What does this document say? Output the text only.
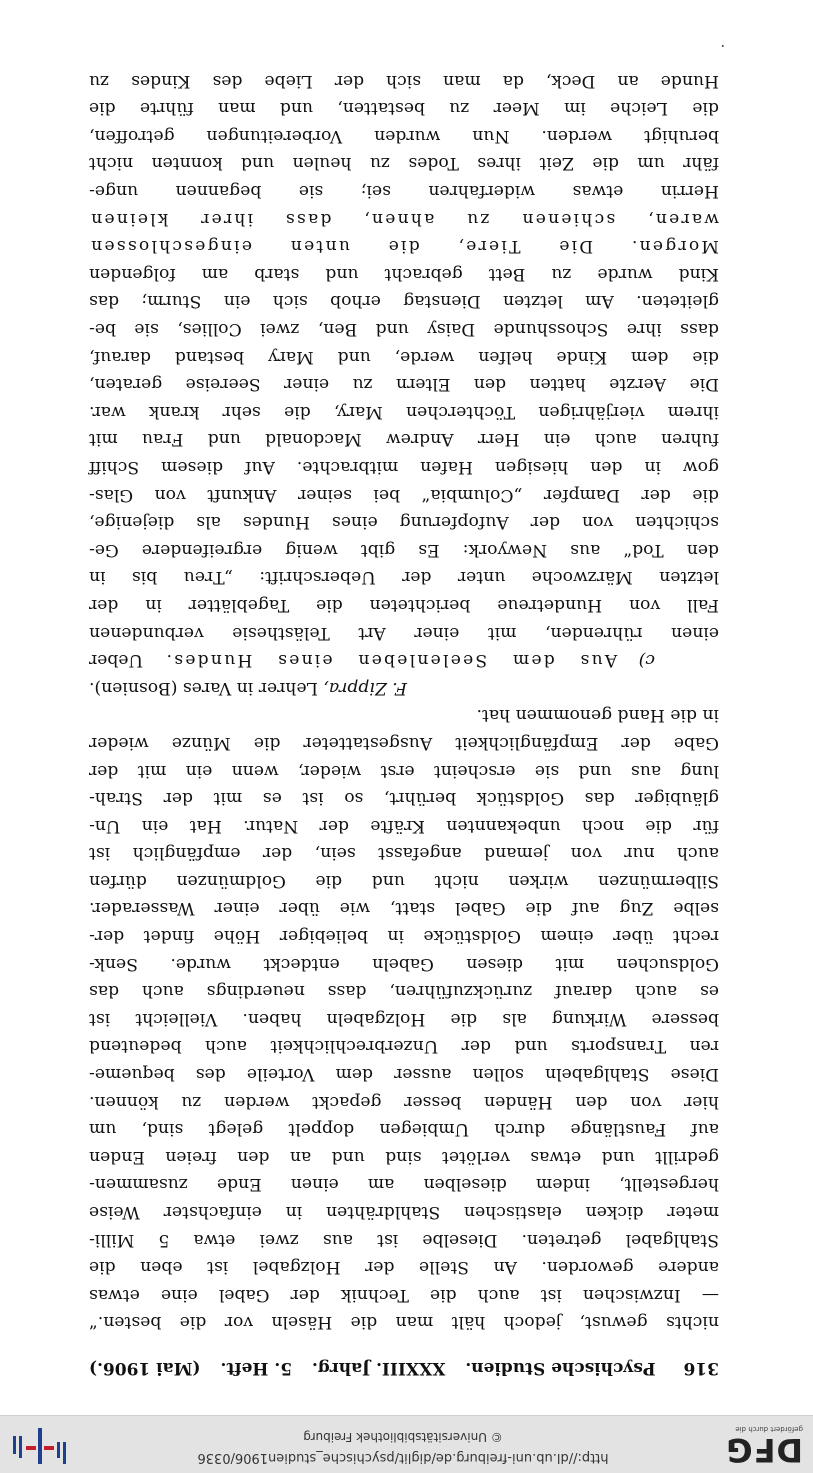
DFG
gefördert durch die
http://dl.ub.uni-freiburg.de/diglit/psychische_studien1906/0336
© Universitätsbibliothek Freiburg
316
Psychische Studien.
XXXIII. Jahrg.
5. Heft.
(Mai 1906.)

nichts gewust, jedoch hält man die Häseln vor die besten.“
— Inzwischen ist auch die Technik der Gabel eine etwas
andere geworden. An Stelle der Holzgabel ist eben die
Stahlgabel getreten. Dieselbe ist aus zwei etwa 5 Milli-
meter dicken elastischen Stahldrähten in einfachster Weise
hergestellt, indem dieselben am einen Ende zusammen-
gedrillt und etwas verlötet sind und an den freien Enden
auf Faustlänge durch Umbiegen doppelt gelegt sind, um
hier von den Händen besser gepackt werden zu können.
Diese Stahlgabeln sollen ausser dem Vorteile des bequeme-
ren Transports und der Unzerbrechlichkeit auch bedeutend
bessere Wirkung als die Holzgabeln haben. Vielleicht ist
es auch darauf zurückzuführen, dass neuerdings auch das
Goldsuchen mit diesen Gabeln entdeckt wurde. Senk-
recht über einem Goldstücke in beliebiger Höhe findet der-
selbe Zug auf die Gabel statt, wie über einer Wasserader.
Silbermünzen wirken nicht und die Goldmünzen dürfen
auch nur von jemand angefasst sein, der empfänglich ist
für die noch unbekannten Kräfte der Natur. Hat ein Un-
gläubiger das Goldstück berührt, so ist es mit der Strah-
lung aus und sie erscheint erst wieder, wenn ein mit der
Gabe der Empfänglichkeit Ausgestatteter die Münze wieder
in die Hand genommen hat.

F. Zippra, Lehrer in Vares (Bosnien).

c) Aus dem Seelenleben eines Hundes. Ueber
einen rührenden, mit einer Art Telästhesie verbundenen
Fall von Hundetreue berichteten die Tageblätter in der
letzten Märzwoche unter der Ueberschrift: „Treu bis in
den Tod“ aus Newyork: Es gibt wenig ergreifendere Ge-
schichten von der Aufopferung eines Hundes als diejenige,
die der Dampfer „Columbia“ bei seiner Ankunft von Glas-
gow in den hiesigen Hafen mitbrachte. Auf diesem Schiff
fuhren auch ein Herr Andrew Macdonald und Frau mit
ihrem vierjährigen Töchterchen Mary, die sehr krank war.
Die Aerzte hatten den Eltern zu einer Seereise geraten,
die dem Kinde helfen werde, und Mary bestand darauf,
dass ihre Schosshunde Daisy und Ben, zwei Collies, sie be-
gleiteten. Am letzten Dienstag erhob sich ein Sturm; das
Kind wurde zu Bett gebracht und starb am folgenden
Morgen. Die Tiere, die unten eingeschlossen
waren, schienen zu ahnen, dass ihrer kleinen
Herrin etwas widerfahren sei; sie begannen unge-
fähr um die Zeit ihres Todes zu heulen und konnten nicht
beruhigt werden. Nun wurden Vorbereitungen getroffen,
die Leiche im Meer zu bestatten, und man führte die
Hunde an Deck, da man sich der Liebe des Kindes zu

.
